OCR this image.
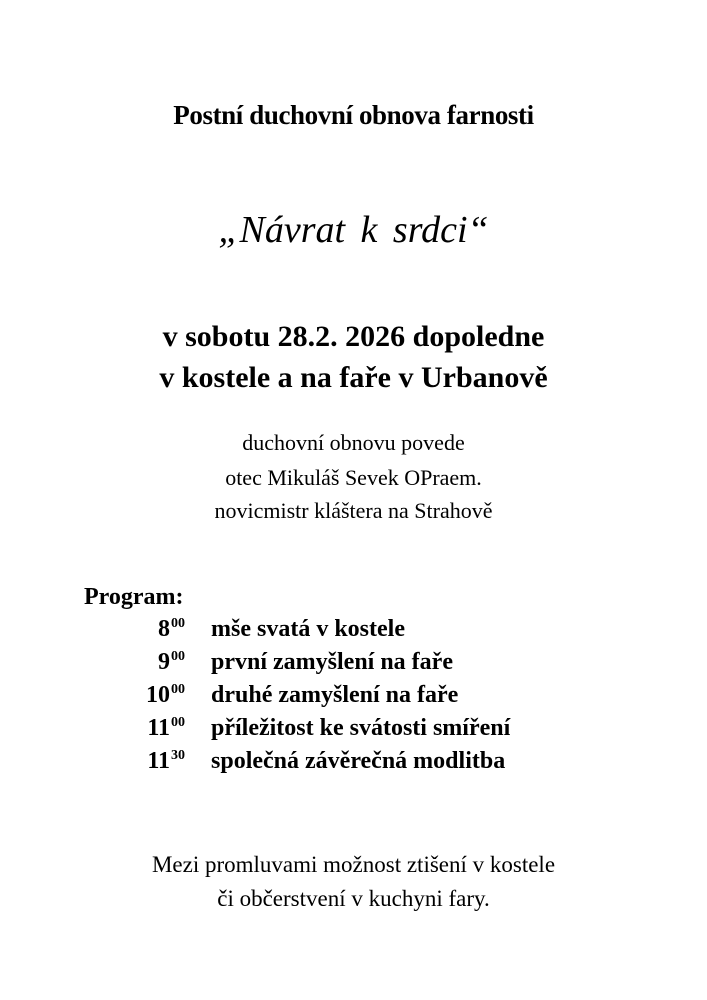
Postní duchovní obnova farnosti
„Návrat k srdci“
v sobotu 28.2. 2026 dopoledne
v kostele a na faře v Urbanově
duchovní obnovu povede
otec Mikuláš Sevek OPraem.
novicmistr kláštera na Strahově
Program:
$8^{00}$ mše svatá v kostele
$9^{00}$ první zamyšlení na faře
$10^{00}$ druhé zamyšlení na faře
$11^{00}$ příležitost ke svátosti smíření
$11^{30}$ společná závěrečná modlitba
Mezi promluvami možnost ztišení v kostele
či občerstvení v kuchyni fary.
